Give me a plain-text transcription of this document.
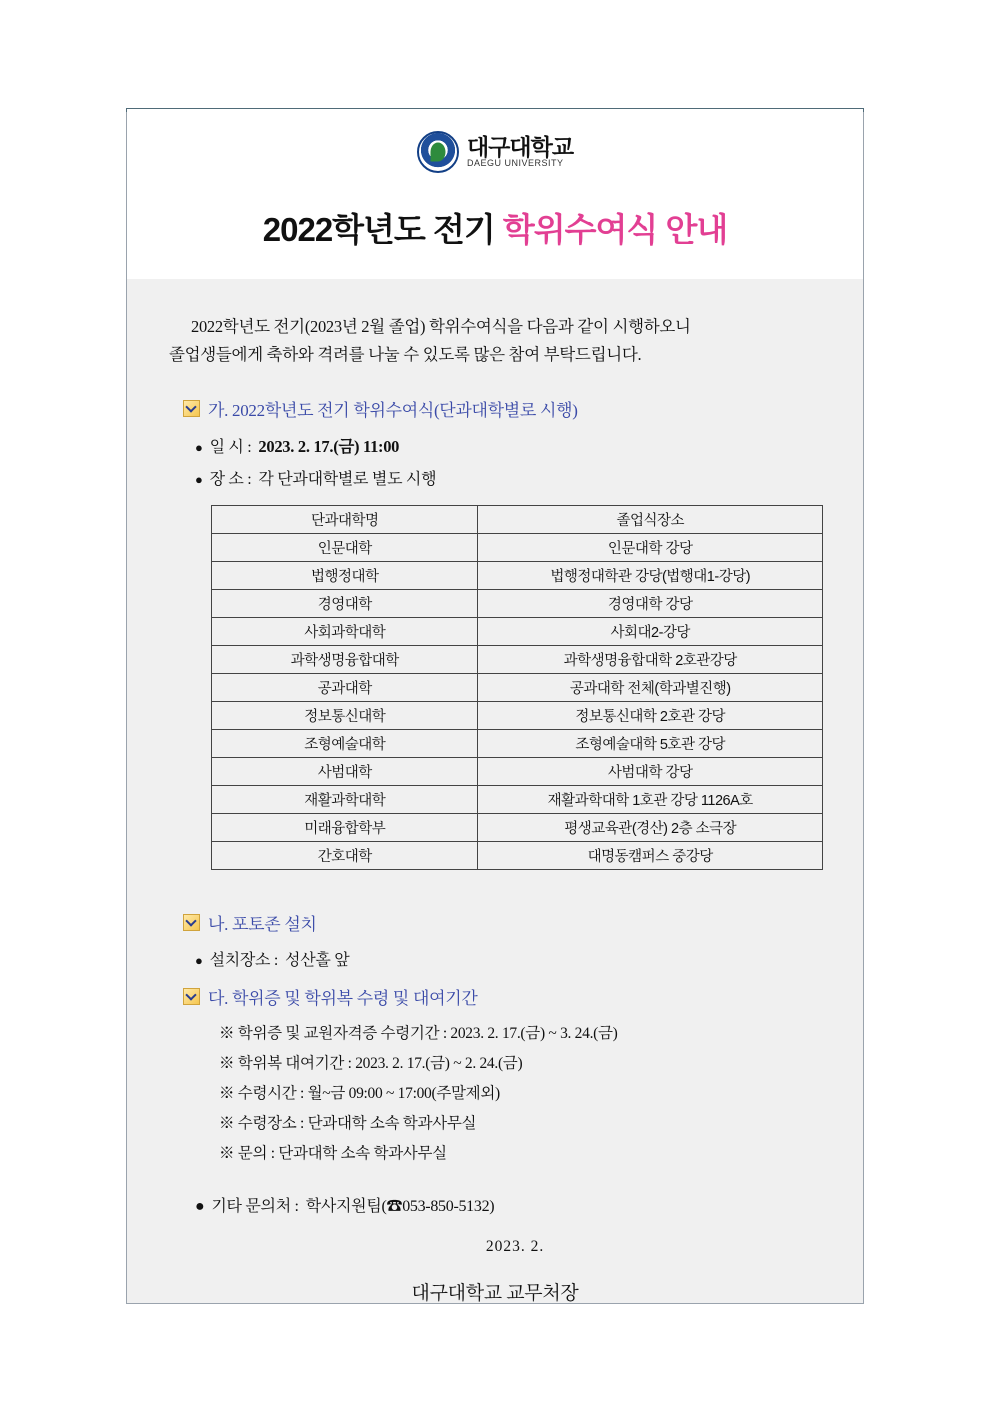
대구대학교
DAEGU UNIVERSITY
2022학년도 전기 학위수여식 안내

2022학년도 전기(2023년 2월 졸업) 학위수여식을 다음과 같이 시행하오니
졸업생들에게 축하와 격려를 나눌 수 있도록 많은 참여 부탁드립니다.

가. 2022학년도 전기 학위수여식(단과대학별로 시행)
● 일 시 : 2023. 2. 17.(금) 11:00
● 장 소 : 각 단과대학별로 별도 시행
단과대학명	졸업식장소
인문대학	인문대학 강당
법행정대학	법행정대학관 강당(법행대1-강당)
경영대학	경영대학 강당
사회과학대학	사회대2-강당
과학생명융합대학	과학생명융합대학 2호관강당
공과대학	공과대학 전체(학과별진행)
정보통신대학	정보통신대학 2호관 강당
조형예술대학	조형예술대학 5호관 강당
사범대학	사범대학 강당
재활과학대학	재활과학대학 1호관 강당 1126A호
미래융합학부	평생교육관(경산) 2층 소극장
간호대학	대명동캠퍼스 중강당
나. 포토존 설치
● 설치장소 : 성산홀 앞
다. 학위증 및 학위복 수령 및 대여기간
※ 학위증 및 교원자격증 수령기간 : 2023. 2. 17.(금) ~ 3. 24.(금)
※ 학위복 대여기간 : 2023. 2. 17.(금) ~ 2. 24.(금)
※ 수령시간 : 월~금 09:00 ~ 17:00(주말제외)
※ 수령장소 : 단과대학 소속 학과사무실
※ 문의 : 단과대학 소속 학과사무실
● 기타 문의처 : 학사지원팀(☎053-850-5132)
2023. 2.
대구대학교 교무처장
